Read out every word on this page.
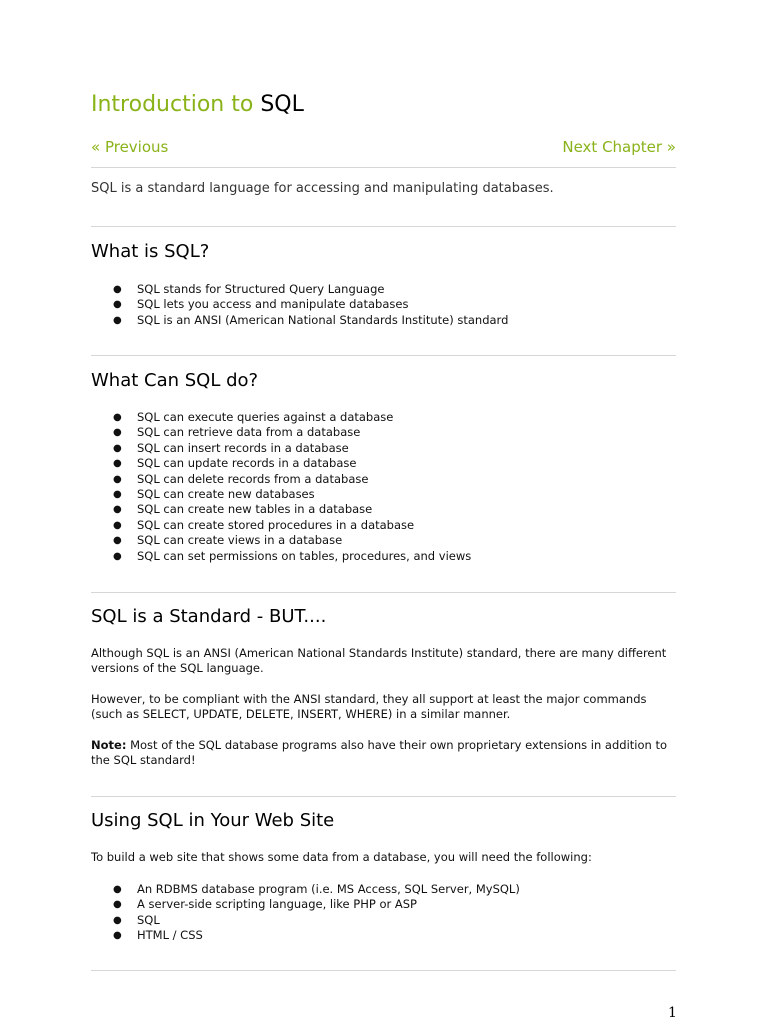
Introduction to SQL
« Previous	Next Chapter »

SQL is a standard language for accessing and manipulating databases.

What is SQL?
● SQL stands for Structured Query Language
● SQL lets you access and manipulate databases
● SQL is an ANSI (American National Standards Institute) standard
What Can SQL do?
● SQL can execute queries against a database
● SQL can retrieve data from a database
● SQL can insert records in a database
● SQL can update records in a database
● SQL can delete records from a database
● SQL can create new databases
● SQL can create new tables in a database
● SQL can create stored procedures in a database
● SQL can create views in a database
● SQL can set permissions on tables, procedures, and views
SQL is a Standard - BUT....

Although SQL is an ANSI (American National Standards Institute) standard, there are many different versions of the SQL language.

However, to be compliant with the ANSI standard, they all support at least the major commands (such as SELECT, UPDATE, DELETE, INSERT, WHERE) in a similar manner.

Note: Most of the SQL database programs also have their own proprietary extensions in addition to the SQL standard!

Using SQL in Your Web Site

To build a web site that shows some data from a database, you will need the following:

● An RDBMS database program (i.e. MS Access, SQL Server, MySQL)
● A server-side scripting language, like PHP or ASP
● SQL
● HTML / CSS
1
